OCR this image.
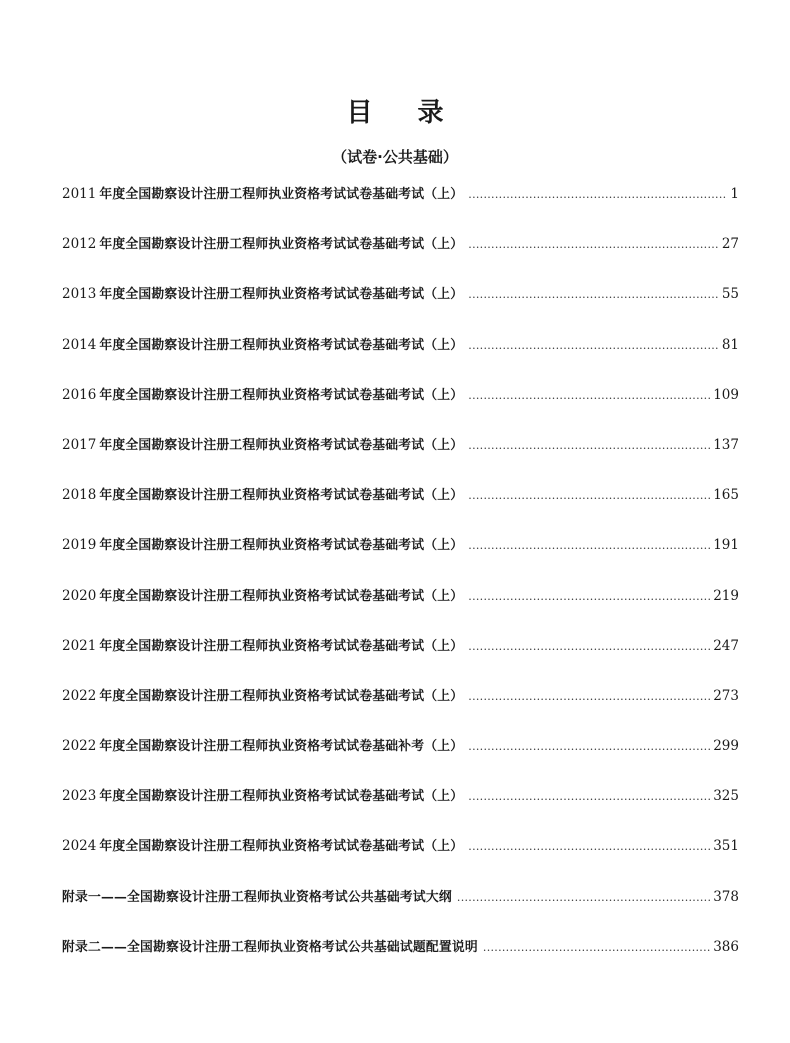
目 录
（试卷·公共基础）
2011 年度全国勘察设计注册工程师执业资格考试试卷基础考试（上） .....	1
2012 年度全国勘察设计注册工程师执业资格考试试卷基础考试（上） .....	27
2013 年度全国勘察设计注册工程师执业资格考试试卷基础考试（上） .....	55
2014 年度全国勘察设计注册工程师执业资格考试试卷基础考试（上） .....	81
2016 年度全国勘察设计注册工程师执业资格考试试卷基础考试（上） .....	109
2017 年度全国勘察设计注册工程师执业资格考试试卷基础考试（上） .....	137
2018 年度全国勘察设计注册工程师执业资格考试试卷基础考试（上） .....	165
2019 年度全国勘察设计注册工程师执业资格考试试卷基础考试（上） .....	191
2020 年度全国勘察设计注册工程师执业资格考试试卷基础考试（上） .....	219
2021 年度全国勘察设计注册工程师执业资格考试试卷基础考试（上） .....	247
2022 年度全国勘察设计注册工程师执业资格考试试卷基础考试（上） .....	273
2022 年度全国勘察设计注册工程师执业资格考试试卷基础补考（上） .....	299
2023 年度全国勘察设计注册工程师执业资格考试试卷基础考试（上） .....	325
2024 年度全国勘察设计注册工程师执业资格考试试卷基础考试（上） .....	351
附录一——全国勘察设计注册工程师执业资格考试公共基础考试大纲 .....	378
附录二——全国勘察设计注册工程师执业资格考试公共基础试题配置说明 .....	386
